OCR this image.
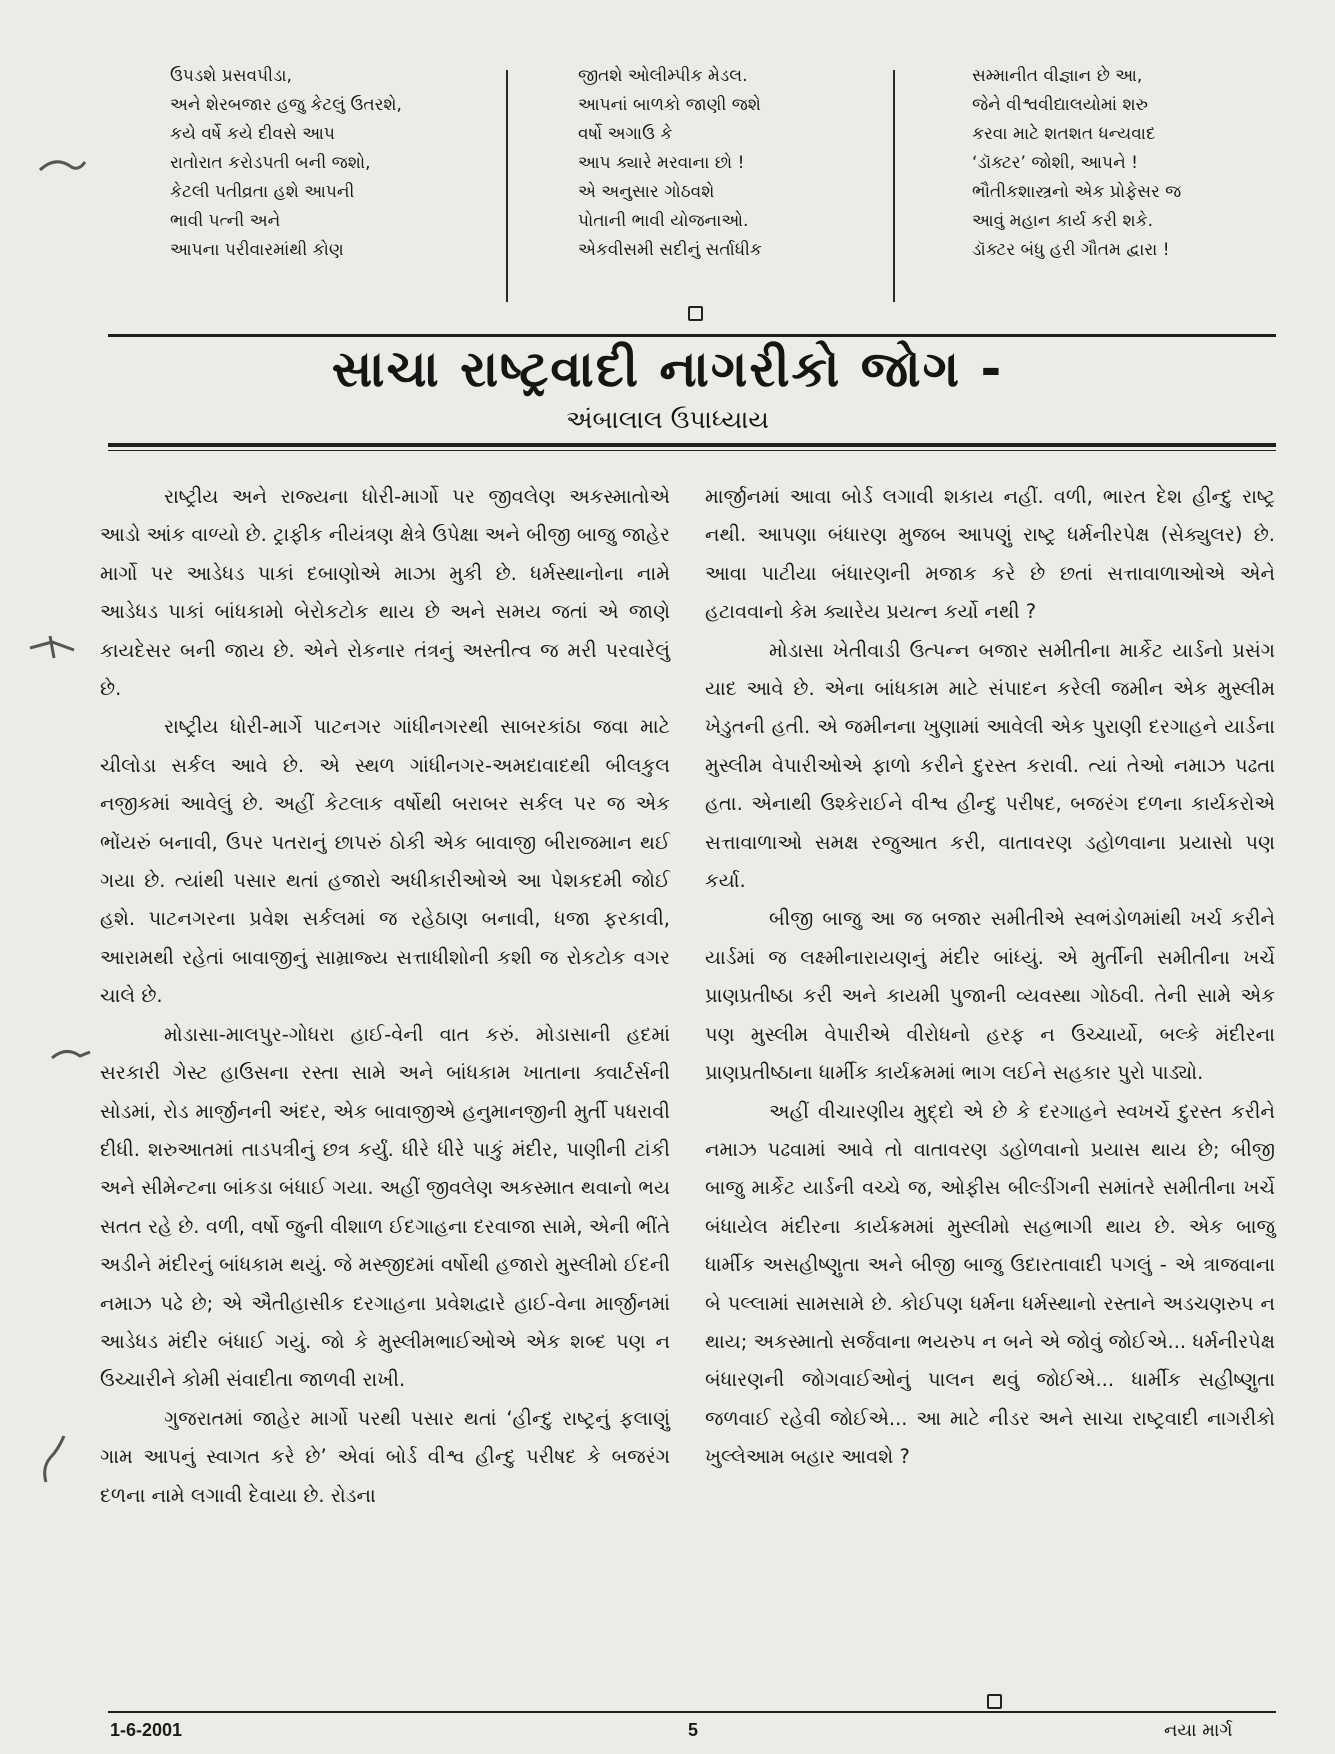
ઉપડશે પ્રસવપીડા,
અને શેરબજાર હજુ કેટલું ઉતરશે,
કયે વર્ષે કયે દીવસે આપ
રાતોરાત કરોડપતી બની જશો,
કેટલી પતીવ્રતા હશે આપની
ભાવી પત્ની અને
આપના પરીવારમાંથી કોણ
જીતશે ઓલીમ્પીક મેડલ.
આપનાં બાળકો જાણી જશે
વર્ષો અગાઉ કે
આપ ક્યારે મરવાના છો !
એ અનુસાર ગોઠવશે
પોતાની ભાવી યોજનાઓ.
એકવીસમી સદીનું સર્તાધીક
સમ્માનીત વીજ્ઞાન છે આ,
જેને વીશ્વવીદ્યાલયોમાં શરુ
કરવા માટે શતશત ધન્યવાદ
‘ડૉક્ટર’ જોશી, આપને !
ભૌતીકશાસ્ત્રનો એક પ્રોફેસર જ
આવું મહાન કાર્ય કરી શકે.
ડૉક્ટર બંધુ હરી ગૌતમ દ્વારા !
સાચા રાષ્ટ્રવાદી નાગરીકો જોગ -
અંબાલાલ ઉપાધ્યાય

રાષ્ટ્રીય અને રાજ્યના ધોરી-માર્ગો પર જીવલેણ અકસ્માતોએ આડો આંક વાળ્યો છે. ટ્રાફીક નીયંત્રણ ક્ષેત્રે ઉપેક્ષા અને બીજી બાજુ જાહેર માર્ગો પર આડેધડ પાકાં દબાણોએ માઝા મુકી છે. ધર્મસ્થાનોના નામે આડેધડ પાકાં બાંધકામો બેરોકટોક થાય છે અને સમય જતાં એ જાણે કાયદેસર બની જાય છે. એને રોકનાર તંત્રનું અસ્તીત્વ જ મરી પરવારેલું છે.

રાષ્ટ્રીય ધોરી-માર્ગે પાટનગર ગાંધીનગરથી સાબરકાંઠા જવા માટે ચીલોડા સર્કલ આવે છે. એ સ્થળ ગાંધીનગર-અમદાવાદથી બીલકુલ નજીકમાં આવેલું છે. અહીં કેટલાક વર્ષોથી બરાબર સર્કલ પર જ એક ભોંયરું બનાવી, ઉપર પતરાનું છાપરું ઠોકી એક બાવાજી બીરાજમાન થઈ ગયા છે. ત્યાંથી પસાર થતાં હજારો અધીકારીઓએ આ પેશકદમી જોઈ હશે. પાટનગરના પ્રવેશ સર્કલમાં જ રહેઠાણ બનાવી, ધજા ફરકાવી, આરામથી રહેતાં બાવાજીનું સામ્રાજ્ય સત્તાધીશોની કશી જ રોકટોક વગર ચાલે છે.

મોડાસા-માલપુર-ગોધરા હાઈ-વેની વાત કરું. મોડાસાની હદમાં સરકારી ગેસ્ટ હાઉસના રસ્તા સામે અને બાંધકામ ખાતાના ક્વાર્ટર્સની સોડમાં, રોડ માર્જીનની અંદર, એક બાવાજીએ હનુમાનજીની મુર્તી પધરાવી દીધી. શરુઆતમાં તાડપત્રીનું છત્ર કર્યું. ધીરે ધીરે પાકું મંદીર, પાણીની ટાંકી અને સીમેન્ટના બાંકડા બંધાઈ ગયા. અહીં જીવલેણ અકસ્માત થવાનો ભય સતત રહે છે. વળી, વર્ષો જુની વીશાળ ઈદગાહના દરવાજા સામે, એની ભીંતે અડીને મંદીરનું બાંધકામ થયું. જે મસ્જીદમાં વર્ષોથી હજારો મુસ્લીમો ઈદની નમાઝ પઢે છે; એ ઐતીહાસીક દરગાહના પ્રવેશદ્વારે હાઈ-વેના માર્જીનમાં આડેધડ મંદીર બંધાઈ ગયું. જો કે મુસ્લીમભાઈઓએ એક શબ્દ પણ ન ઉચ્ચારીને કોમી સંવાદીતા જાળવી રાખી.

ગુજરાતમાં જાહેર માર્ગો પરથી પસાર થતાં ‘હીન્દુ રાષ્ટ્રનું ફલાણું ગામ આપનું સ્વાગત કરે છે’ એવાં બોર્ડ વીશ્વ હીન્દુ પરીષદ કે બજરંગ દળના નામે લગાવી દેવાયા છે. રોડના

માર્જીનમાં આવા બોર્ડ લગાવી શકાય નહીં. વળી, ભારત દેશ હીન્દુ રાષ્ટ્ર નથી. આપણા બંધારણ મુજબ આપણું રાષ્ટ્ર ધર્મનીરપેક્ષ (સેક્યુલર) છે. આવા પાટીયા બંધારણની મજાક કરે છે છતાં સત્તાવાળાઓએ એને હટાવવાનો કેમ ક્યારેય પ્રયત્ન કર્યો નથી ?

મોડાસા ખેતીવાડી ઉત્પન્ન બજાર સમીતીના માર્કેટ યાર્ડનો પ્રસંગ યાદ આવે છે. એના બાંધકામ માટે સંપાદન કરેલી જમીન એક મુસ્લીમ ખેડુતની હતી. એ જમીનના ખુણામાં આવેલી એક પુરાણી દરગાહને યાર્ડના મુસ્લીમ વેપારીઓએ ફાળો કરીને દુરસ્ત કરાવી. ત્યાં તેઓ નમાઝ પઢતા હતા. એનાથી ઉશ્કેરાઈને વીશ્વ હીન્દુ પરીષદ, બજરંગ દળના કાર્યકરોએ સત્તાવાળાઓ સમક્ષ રજુઆત કરી, વાતાવરણ ડહોળવાના પ્રયાસો પણ કર્યા.

બીજી બાજુ આ જ બજાર સમીતીએ સ્વભંડોળમાંથી ખર્ચ કરીને યાર્ડમાં જ લક્ષ્મીનારાયણનું મંદીર બાંધ્યું. એ મુર્તીની સમીતીના ખર્ચે પ્રાણપ્રતીષ્ઠા કરી અને કાયમી પુજાની વ્યવસ્થા ગોઠવી. તેની સામે એક પણ મુસ્લીમ વેપારીએ વીરોધનો હરફ ન ઉચ્ચાર્યો, બલ્કે મંદીરના પ્રાણપ્રતીષ્ઠાના ધાર્મીક કાર્યક્રમમાં ભાગ લઈને સહકાર પુરો પાડ્યો.

અહીં વીચારણીય મુદ્દો એ છે કે દરગાહને સ્વખર્ચે દુરસ્ત કરીને નમાઝ પઢવામાં આવે તો વાતાવરણ ડહોળવાનો પ્રયાસ થાય છે; બીજી બાજુ માર્કેટ યાર્ડની વચ્ચે જ, ઓફીસ બીલ્ડીંગની સમાંતરે સમીતીના ખર્ચે બંધાયેલ મંદીરના કાર્યક્રમમાં મુસ્લીમો સહભાગી થાય છે. એક બાજુ ધાર્મીક અસહીષ્ણુતા અને બીજી બાજુ ઉદારતાવાદી પગલું - એ ત્રાજવાના બે પલ્લામાં સામસામે છે. કોઈપણ ધર્મના ધર્મસ્થાનો રસ્તાને અડચણરુપ ન થાય; અકસ્માતો સર્જવાના ભયરુપ ન બને એ જોવું જોઈએ... ધર્મનીરપેક્ષ બંધારણની જોગવાઈઓનું પાલન થવું જોઈએ... ધાર્મીક સહીષ્ણુતા જળવાઈ રહેવી જોઈએ... આ માટે નીડર અને સાચા રાષ્ટ્રવાદી નાગરીકો ખુલ્લેઆમ બહાર આવશે ?

1-6-2001	5	નયા માર્ગ
